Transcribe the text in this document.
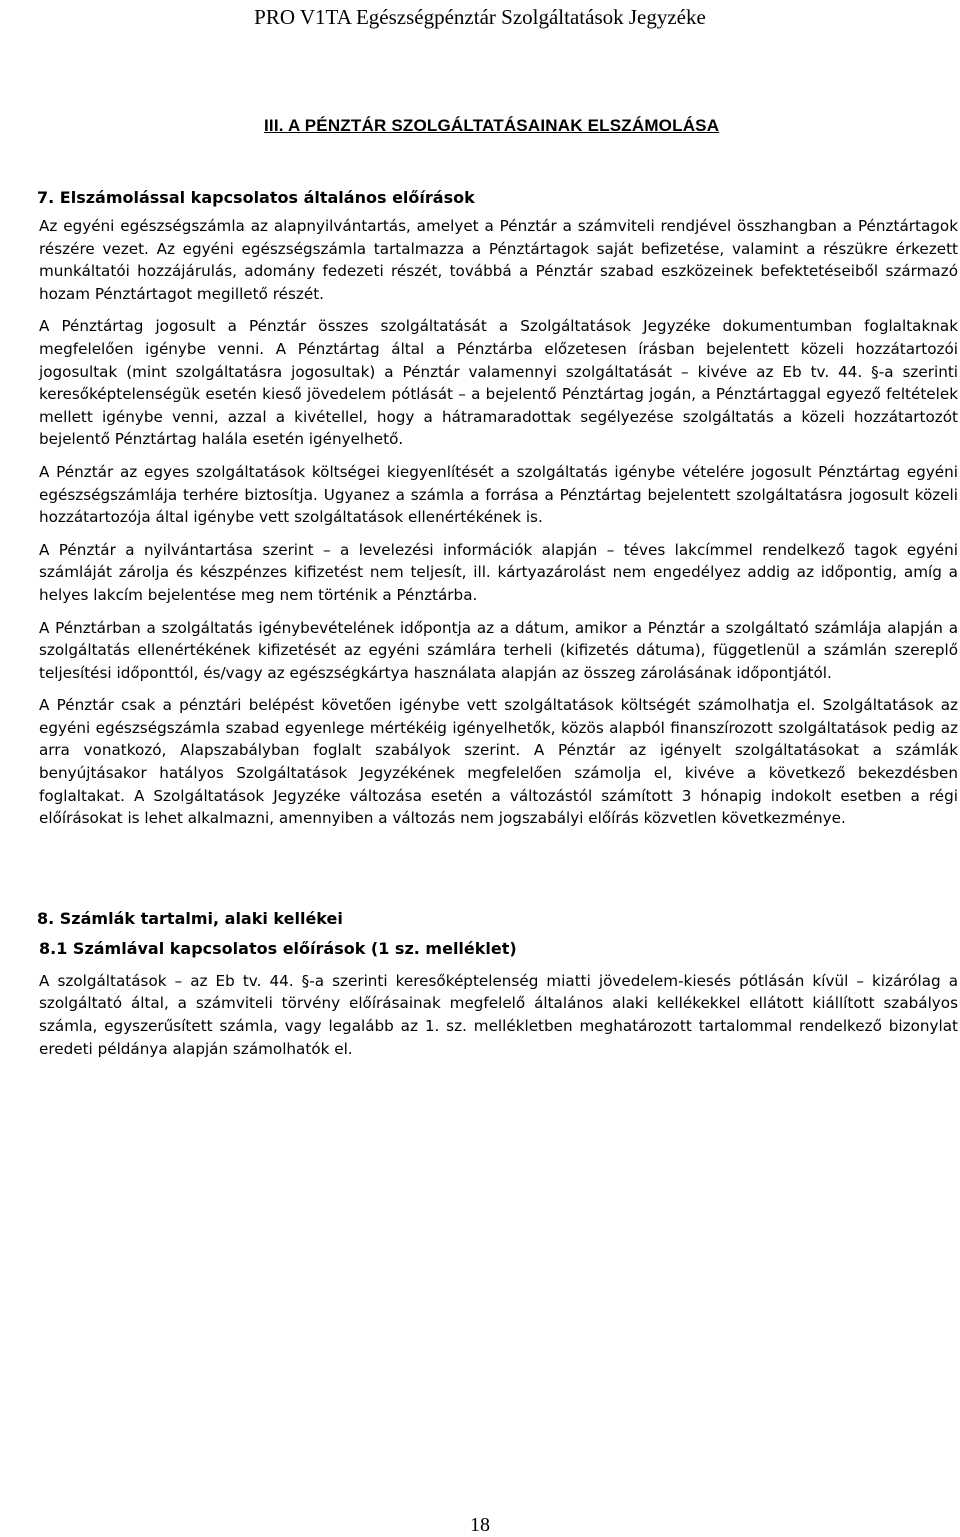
PRO V1TA Egészségpénztár Szolgáltatások Jegyzéke
III. A PÉNZTÁR SZOLGÁLTATÁSAINAK ELSZÁMOLÁSA
7. Elszámolással kapcsolatos általános előírások

Az egyéni egészségszámla az alapnyilvántartás, amelyet a Pénztár a számviteli rendjével összhangban a Pénztártagok részére vezet. Az egyéni egészségszámla tartalmazza a Pénztártagok saját befizetése, valamint a részükre érkezett munkáltatói hozzájárulás, adomány fedezeti részét, továbbá a Pénztár szabad eszközeinek befektetéseiből származó hozam Pénztártagot megillető részét.

A Pénztártag jogosult a Pénztár összes szolgáltatását a Szolgáltatások Jegyzéke dokumentumban foglaltaknak megfelelően igénybe venni. A Pénztártag által a Pénztárba előzetesen írásban bejelentett közeli hozzátartozói jogosultak (mint szolgáltatásra jogosultak) a Pénztár valamennyi szolgáltatását – kivéve az Eb tv. 44. §-a szerinti keresőképtelenségük esetén kieső jövedelem pótlását – a bejelentő Pénztártag jogán, a Pénztártaggal egyező feltételek mellett igénybe venni, azzal a kivétellel, hogy a hátramaradottak segélyezése szolgáltatás a közeli hozzátartozót bejelentő Pénztártag halála esetén igényelhető.

A Pénztár az egyes szolgáltatások költségei kiegyenlítését a szolgáltatás igénybe vételére jogosult Pénztártag egyéni egészségszámlája terhére biztosítja. Ugyanez a számla a forrása a Pénztártag bejelentett szolgáltatásra jogosult közeli hozzátartozója által igénybe vett szolgáltatások ellenértékének is.

A Pénztár a nyilvántartása szerint – a levelezési információk alapján – téves lakcímmel rendelkező tagok egyéni számláját zárolja és készpénzes kifizetést nem teljesít, ill. kártyazárolást nem engedélyez addig az időpontig, amíg a helyes lakcím bejelentése meg nem történik a Pénztárba.

A Pénztárban a szolgáltatás igénybevételének időpontja az a dátum, amikor a Pénztár a szolgáltató számlája alapján a szolgáltatás ellenértékének kifizetését az egyéni számlára terheli (kifizetés dátuma), függetlenül a számlán szereplő teljesítési időponttól, és/vagy az egészségkártya használata alapján az összeg zárolásának időpontjától.

A Pénztár csak a pénztári belépést követően igénybe vett szolgáltatások költségét számolhatja el. Szolgáltatások az egyéni egészségszámla szabad egyenlege mértékéig igényelhetők, közös alapból finanszírozott szolgáltatások pedig az arra vonatkozó, Alapszabályban foglalt szabályok szerint. A Pénztár az igényelt szolgáltatásokat a számlák benyújtásakor hatályos Szolgáltatások Jegyzékének megfelelően számolja el, kivéve a következő bekezdésben foglaltakat. A Szolgáltatások Jegyzéke változása esetén a változástól számított 3 hónapig indokolt esetben a régi előírásokat is lehet alkalmazni, amennyiben a változás nem jogszabályi előírás közvetlen következménye.

8. Számlák tartalmi, alaki kellékei
8.1 Számlával kapcsolatos előírások (1 sz. melléklet)

A szolgáltatások – az Eb tv. 44. §-a szerinti keresőképtelenség miatti jövedelem-kiesés pótlásán kívül – kizárólag a szolgáltató által, a számviteli törvény előírásainak megfelelő általános alaki kellékekkel ellátott kiállított szabályos számla, egyszerűsített számla, vagy legalább az 1. sz. mellékletben meghatározott tartalommal rendelkező bizonylat eredeti példánya alapján számolhatók el.

18
